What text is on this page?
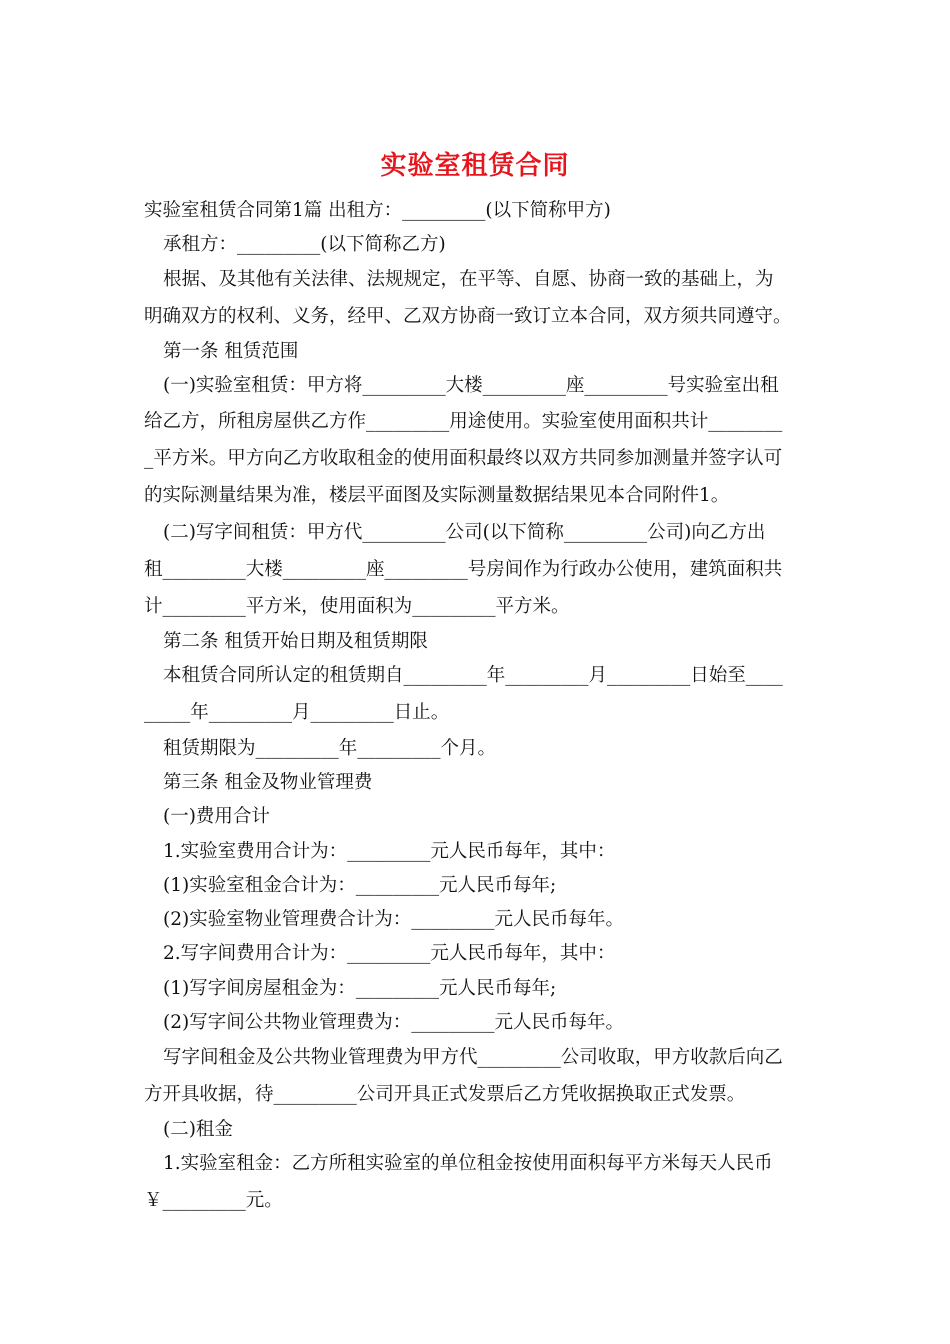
实验室租赁合同
实验室租赁合同第1篇 出租方：_________(以下简称甲方)
承租方：_________(以下简称乙方)
根据、及其他有关法律、法规规定，在平等、自愿、协商一致的基础上，为
明确双方的权利、义务，经甲、乙双方协商一致订立本合同，双方须共同遵守。
第一条 租赁范围
(一)实验室租赁：甲方将_________大楼_________座_________号实验室出租
给乙方，所租房屋供乙方作_________用途使用。实验室使用面积共计________
_平方米。甲方向乙方收取租金的使用面积最终以双方共同参加测量并签字认可
的实际测量结果为准，楼层平面图及实际测量数据结果见本合同附件1。
(二)写字间租赁：甲方代_________公司(以下简称_________公司)向乙方出
租_________大楼_________座_________号房间作为行政办公使用，建筑面积共
计_________平方米，使用面积为_________平方米。
第二条 租赁开始日期及租赁期限
本租赁合同所认定的租赁期自_________年_________月_________日始至____
_____年_________月_________日止。
租赁期限为_________年_________个月。
第三条 租金及物业管理费
(一)费用合计
1.实验室费用合计为：_________元人民币每年，其中：
(1)实验室租金合计为：_________元人民币每年;
(2)实验室物业管理费合计为：_________元人民币每年。
2.写字间费用合计为：_________元人民币每年，其中：
(1)写字间房屋租金为：_________元人民币每年;
(2)写字间公共物业管理费为：_________元人民币每年。
写字间租金及公共物业管理费为甲方代_________公司收取，甲方收款后向乙
方开具收据，待_________公司开具正式发票后乙方凭收据换取正式发票。
(二)租金
1.实验室租金：乙方所租实验室的单位租金按使用面积每平方米每天人民币
￥_________元。
